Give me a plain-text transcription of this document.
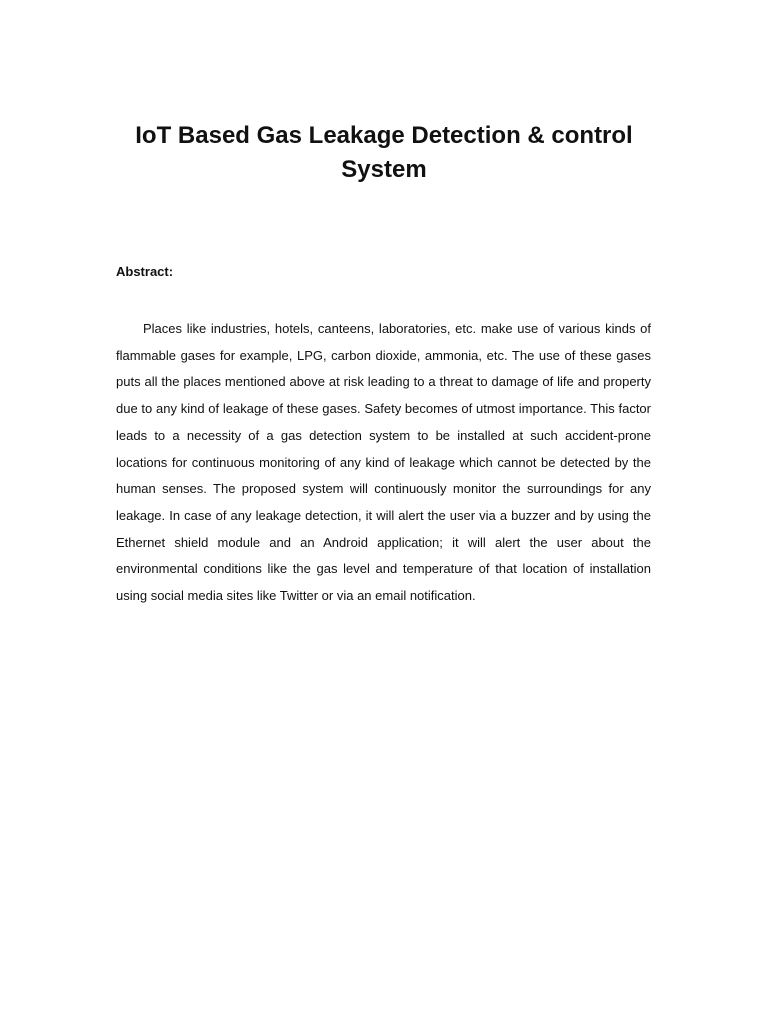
IoT Based Gas Leakage Detection & control System

Abstract:

Places like industries, hotels, canteens, laboratories, etc. make use of various kinds of flammable gases for example, LPG, carbon dioxide, ammonia, etc. The use of these gases puts all the places mentioned above at risk leading to a threat to damage of life and property due to any kind of leakage of these gases. Safety becomes of utmost importance. This factor leads to a necessity of a gas detection system to be installed at such accident-prone locations for continuous monitoring of any kind of leakage which cannot be detected by the human senses. The proposed system will continuously monitor the surroundings for any leakage. In case of any leakage detection, it will alert the user via a buzzer and by using the Ethernet shield module and an Android application; it will alert the user about the environmental conditions like the gas level and temperature of that location of installation using social media sites like Twitter or via an email notification.
